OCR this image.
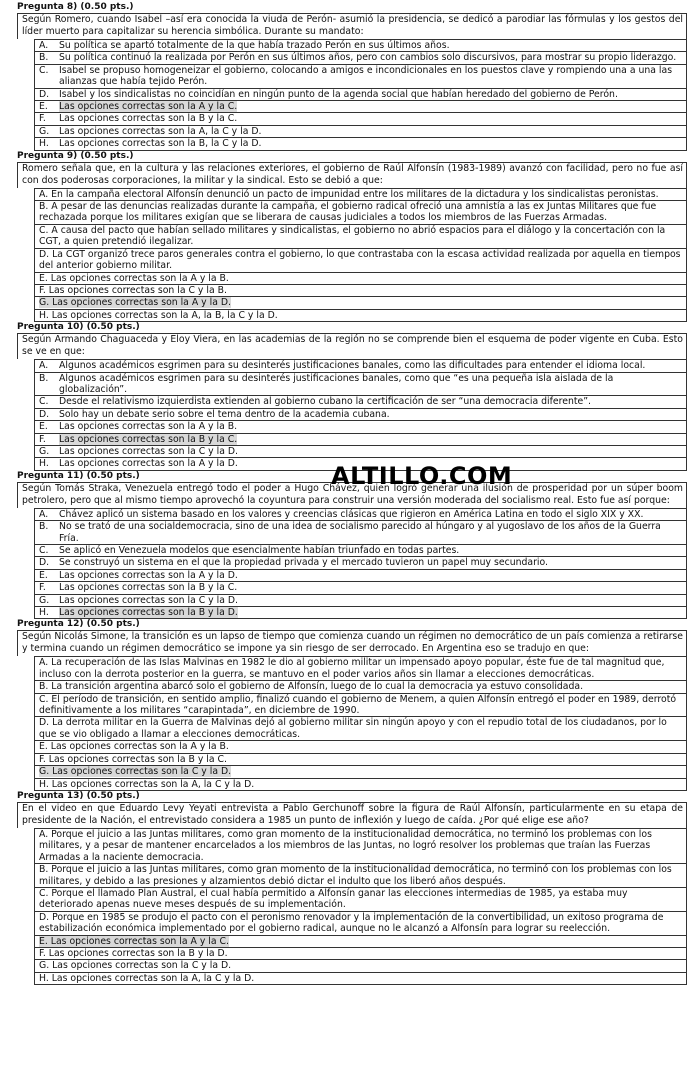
Pregunta 8) (0.50 pts.)
Según Romero, cuando Isabel –así era conocida la viuda de Perón- asumió la presidencia, se dedicó a parodiar las fórmulas y los gestos del líder muerto para capitalizar su herencia simbólica. Durante su mandato:
A.	Su política se apartó totalmente de la que había trazado Perón en sus últimos años.
B.	Su política continuó la realizada por Perón en sus últimos años, pero con cambios solo discursivos, para mostrar su propio liderazgo.
C.	Isabel se propuso homogeneizar el gobierno, colocando a amigos e incondicionales en los puestos clave y rompiendo una a una las alianzas que había tejido Perón.
D.	Isabel y los sindicalistas no coincidían en ningún punto de la agenda social que habían heredado del gobierno de Perón.
E.	Las opciones correctas son la A y la C.
F.	Las opciones correctas son la B y la C.
G.	Las opciones correctas son la A, la C y la D.
H.	Las opciones correctas son la B, la C y la D.
Pregunta 9) (0.50 pts.)
Romero señala que, en la cultura y las relaciones exteriores, el gobierno de Raúl Alfonsín (1983-1989) avanzó con facilidad, pero no fue así con dos poderosas corporaciones, la militar y la sindical. Esto se debió a que:
A. En la campaña electoral Alfonsín denunció un pacto de impunidad entre los militares de la dictadura y los sindicalistas peronistas.
B. A pesar de las denuncias realizadas durante la campaña, el gobierno radical ofreció una amnistía a las ex Juntas Militares que fue rechazada porque los militares exigían que se liberara de causas judiciales a todos los miembros de las Fuerzas Armadas.
C. A causa del pacto que habían sellado militares y sindicalistas, el gobierno no abrió espacios para el diálogo y la concertación con la CGT, a quien pretendió ilegalizar.
D. La CGT organizó trece paros generales contra el gobierno, lo que contrastaba con la escasa actividad realizada por aquella en tiempos del anterior gobierno militar.
E. Las opciones correctas son la A y la B.
F. Las opciones correctas son la C y la B.
G. Las opciones correctas son la A y la D.
H. Las opciones correctas son la A, la B, la C y la D.
Pregunta 10) (0.50 pts.)
Según Armando Chaguaceda y Eloy Viera, en las academias de la región no se comprende bien el esquema de poder vigente en Cuba. Esto se ve en que:
A.	Algunos académicos esgrimen para su desinterés justificaciones banales, como las dificultades para entender el idioma local.
B.	Algunos académicos esgrimen para su desinterés justificaciones banales, como que “es una pequeña isla aislada de la globalización”.
C.	Desde el relativismo izquierdista extienden al gobierno cubano la certificación de ser “una democracia diferente”.
D.	Solo hay un debate serio sobre el tema dentro de la academia cubana.
E.	Las opciones correctas son la A y la B.
F.	Las opciones correctas son la B y la C.
G.	Las opciones correctas son la C y la D.
H.	Las opciones correctas son la A y la D.
Pregunta 11) (0.50 pts.)
Según Tomás Straka, Venezuela entregó todo el poder a Hugo Chávez, quien logró generar una ilusión de prosperidad por un súper boom petrolero, pero que al mismo tiempo aprovechó la coyuntura para construir una versión moderada del socialismo real. Esto fue así porque:
A.	Chávez aplicó un sistema basado en los valores y creencias clásicas que rigieron en América Latina en todo el siglo XIX y XX.
B.	No se trató de una socialdemocracia, sino de una idea de socialismo parecido al húngaro y al yugoslavo de los años de la Guerra Fría.
C.	Se aplicó en Venezuela modelos que esencialmente habían triunfado en todas partes.
D.	Se construyó un sistema en el que la propiedad privada y el mercado tuvieron un papel muy secundario.
E.	Las opciones correctas son la A y la D.
F.	Las opciones correctas son la B y la C.
G.	Las opciones correctas son la C y la D.
H.	Las opciones correctas son la B y la D.
Pregunta 12) (0.50 pts.)
Según Nicolás Simone, la transición es un lapso de tiempo que comienza cuando un régimen no democrático de un país comienza a retirarse y termina cuando un régimen democrático se impone ya sin riesgo de ser derrocado. En Argentina eso se tradujo en que:
A. La recuperación de las Islas Malvinas en 1982 le dio al gobierno militar un impensado apoyo popular, éste fue de tal magnitud que, incluso con la derrota posterior en la guerra, se mantuvo en el poder varios años sin llamar a elecciones democráticas.
B. La transición argentina abarcó solo el gobierno de Alfonsín, luego de lo cual la democracia ya estuvo consolidada.
C. El período de transición, en sentido amplio, finalizó cuando el gobierno de Menem, a quien Alfonsín entregó el poder en 1989, derrotó definitivamente a los militares “carapintada”, en diciembre de 1990.
D. La derrota militar en la Guerra de Malvinas dejó al gobierno militar sin ningún apoyo y con el repudio total de los ciudadanos, por lo que se vio obligado a llamar a elecciones democráticas.
E. Las opciones correctas son la A y la B.
F. Las opciones correctas son la B y la C.
G. Las opciones correctas son la C y la D.
H. Las opciones correctas son la A, la C y la D.
Pregunta 13) (0.50 pts.)
En el video en que Eduardo Levy Yeyati entrevista a Pablo Gerchunoff sobre la figura de Raúl Alfonsín, particularmente en su etapa de presidente de la Nación, el entrevistado considera a 1985 un punto de inflexión y luego de caída. ¿Por qué elige ese año?
A. Porque el juicio a las Juntas militares, como gran momento de la institucionalidad democrática, no terminó los problemas con los militares, y a pesar de mantener encarcelados a los miembros de las Juntas, no logró resolver los problemas que traían las Fuerzas Armadas a la naciente democracia.
B. Porque el juicio a las Juntas militares, como gran momento de la institucionalidad democrática, no terminó con los problemas con los militares, y debido a las presiones y alzamientos debió dictar el indulto que los liberó años después.
C. Porque el llamado Plan Austral, el cual había permitido a Alfonsín ganar las elecciones intermedias de 1985, ya estaba muy deteriorado apenas nueve meses después de su implementación.
D. Porque en 1985 se produjo el pacto con el peronismo renovador y la implementación de la convertibilidad, un exitoso programa de estabilización económica implementado por el gobierno radical, aunque no le alcanzó a Alfonsín para lograr su reelección.
E. Las opciones correctas son la A y la C.
F. Las opciones correctas son la B y la D.
G. Las opciones correctas son la C y la D.
H. Las opciones correctas son la A, la C y la D.
ALTILLO.COM
